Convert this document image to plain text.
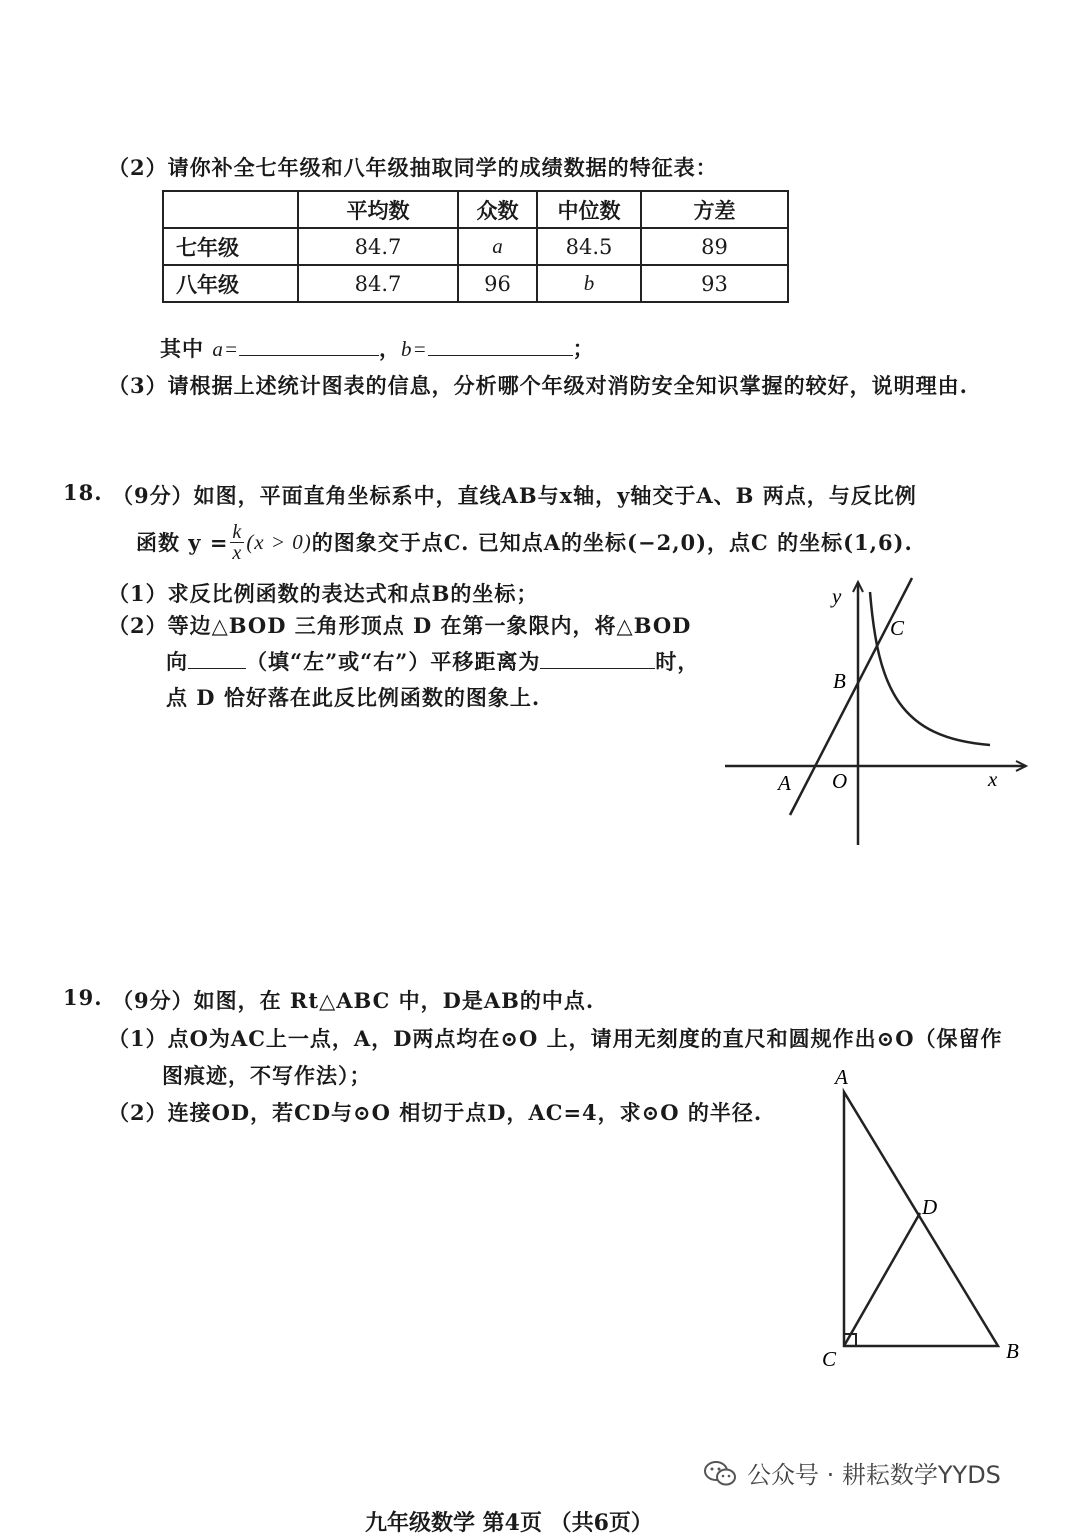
（2）请你补全七年级和八年级抽取同学的成绩数据的特征表：
	平均数	众数	中位数	方差
七年级	84.7	a	84.5	89
八年级	84.7	96	b	93
其中 a=	，b=	；
（3）请根据上述统计图表的信息，分析哪个年级对消防安全知识掌握的较好，说明理由.
18. （9分）如图，平面直角坐标系中，直线AB与x轴，y轴交于A、B 两点，与反比例
函数 $y = \frac{k}{x} (x > 0)$ 的图象交于点C. 已知点A的坐标(−2,0)，点C 的坐标(1,6).
（1）求反比例函数的表达式和点B的坐标；
（2）等边△BOD 三角形顶点 D 在第一象限内，将△BOD
向	（填“左”或“右”）平移距离为	时，
点 D 恰好落在此反比例函数的图象上.
y
x
O
A
B
C
19. （9分）如图，在 Rt△ABC 中，D是AB的中点.
（1）点O为AC上一点，A，D两点均在⊙O 上，请用无刻度的直尺和圆规作出⊙O（保留作
图痕迹，不写作法）；
（2）连接OD，若CD与⊙O 相切于点D，AC=4，求⊙O 的半径.
A
C	B
D
公众号 · 耕耘数学YYDS
九年级数学 第4页 （共6页）
